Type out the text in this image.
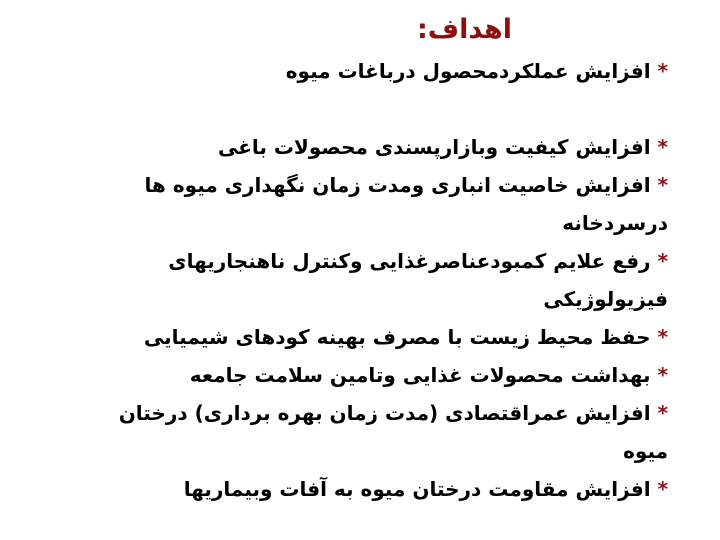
اهداف:

* افزایش عملکردمحصول درباغات میوه

* افزایش کیفیت وبازارپسندی محصولات باغی

* افزایش خاصیت انباری ومدت زمان نگهداری میوه ها
درسردخانه

* رفع علایم کمبودعناصرغذایی وکنترل ناهنجاریهای
فیزیولوژیکی

* حفظ محیط زیست با مصرف بهینه کودهای شیمیایی

* بهداشت محصولات غذایی وتامین سلامت جامعه

* افزایش عمراقتصادی (مدت زمان بهره برداری) درختان
میوه

* افزایش مقاومت درختان میوه به آفات وبیماریها
